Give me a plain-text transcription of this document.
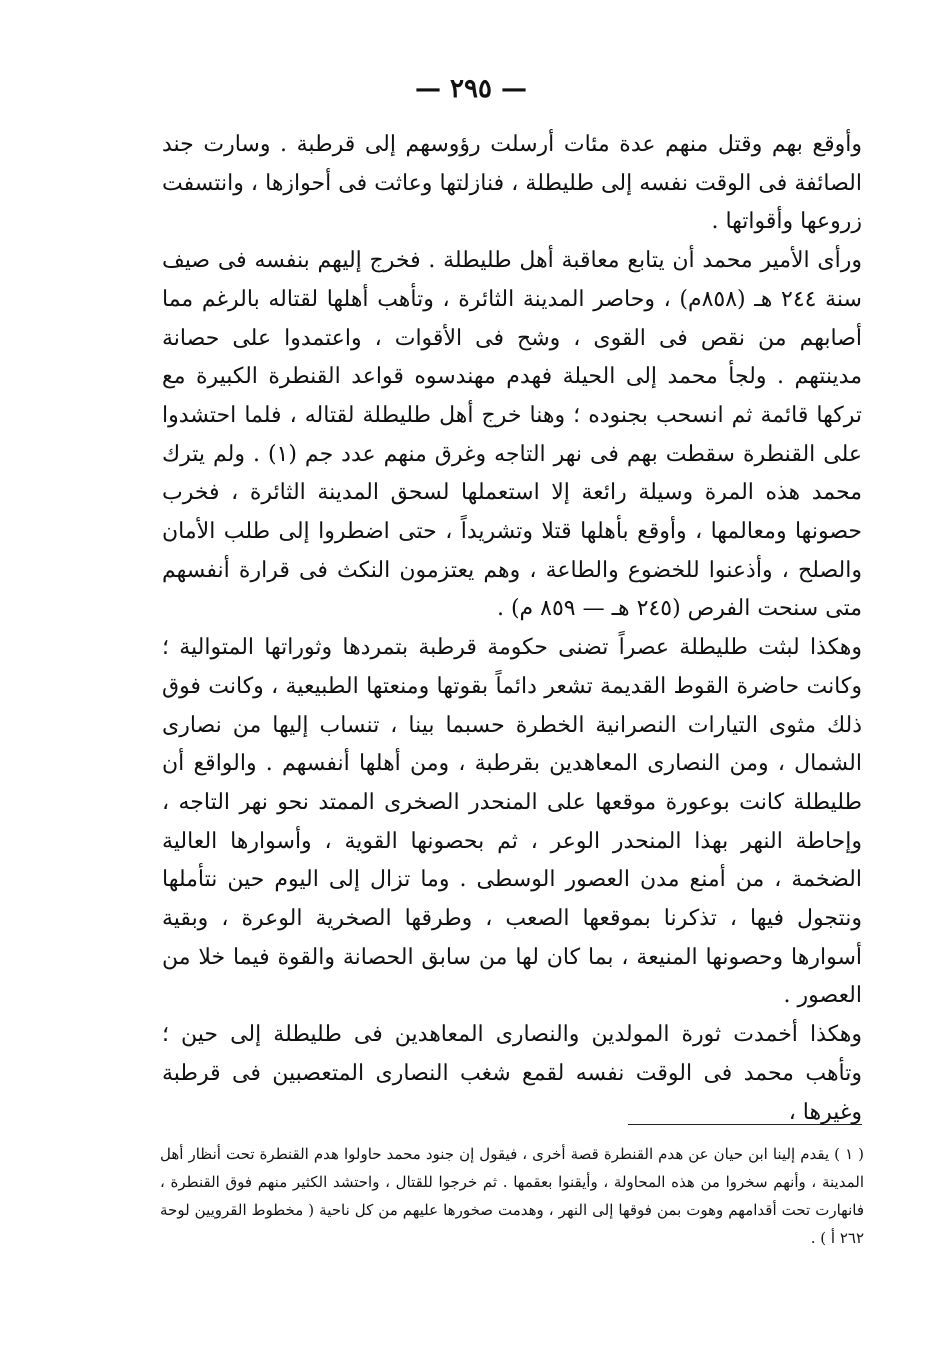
— ٢٩٥ —

وأوقع بهم وقتل منهم عدة مئات أرسلت رؤوسهم إلى قرطبة . وسارت جند الصائفة فى الوقت نفسه إلى طليطلة ، فنازلتها وعاثت فى أحوازها ، وانتسفت زروعها وأقواتها .

ورأى الأمير محمد أن يتابع معاقبة أهل طليطلة . فخرج إليهم بنفسه فى صيف سنة ٢٤٤ هـ (٨٥٨م) ، وحاصر المدينة الثائرة ، وتأهب أهلها لقتاله بالرغم مما أصابهم من نقص فى القوى ، وشح فى الأقوات ، واعتمدوا على حصانة مدينتهم . ولجأ محمد إلى الحيلة فهدم مهندسوه قواعد القنطرة الكبيرة مع تركها قائمة ثم انسحب بجنوده ؛ وهنا خرج أهل طليطلة لقتاله ، فلما احتشدوا على القنطرة سقطت بهم فى نهر التاجه وغرق منهم عدد جم (١) . ولم يترك محمد هذه المرة وسيلة رائعة إلا استعملها لسحق المدينة الثائرة ، فخرب حصونها ومعالمها ، وأوقع بأهلها قتلا وتشريداً ، حتى اضطروا إلى طلب الأمان والصلح ، وأذعنوا للخضوع والطاعة ، وهم يعتزمون النكث فى قرارة أنفسهم متى سنحت الفرص (٢٤٥ هـ — ٨٥٩ م) .

وهكذا لبثت طليطلة عصراً تضنى حكومة قرطبة بتمردها وثوراتها المتوالية ؛ وكانت حاضرة القوط القديمة تشعر دائماً بقوتها ومنعتها الطبيعية ، وكانت فوق ذلك مثوى التيارات النصرانية الخطرة حسبما بينا ، تنساب إليها من نصارى الشمال ، ومن النصارى المعاهدين بقرطبة ، ومن أهلها أنفسهم . والواقع أن طليطلة كانت بوعورة موقعها على المنحدر الصخرى الممتد نحو نهر التاجه ، وإحاطة النهر بهذا المنحدر الوعر ، ثم بحصونها القوية ، وأسوارها العالية الضخمة ، من أمنع مدن العصور الوسطى . وما تزال إلى اليوم حين نتأملها ونتجول فيها ، تذكرنا بموقعها الصعب ، وطرقها الصخرية الوعرة ، وبقية أسوارها وحصونها المنيعة ، بما كان لها من سابق الحصانة والقوة فيما خلا من العصور .

وهكذا أخمدت ثورة المولدين والنصارى المعاهدين فى طليطلة إلى حين ؛ وتأهب محمد فى الوقت نفسه لقمع شغب النصارى المتعصبين فى قرطبة وغيرها ،

( ١ ) يقدم إلينا ابن حيان عن هدم القنطرة قصة أخرى ، فيقول إن جنود محمد حاولوا هدم القنطرة تحت أنظار أهل المدينة ، وأنهم سخروا من هذه المحاولة ، وأيقنوا بعقمها . ثم خرجوا للقتال ، واحتشد الكثير منهم فوق القنطرة ، فانهارت تحت أقدامهم وهوت بمن فوقها إلى النهر ، وهدمت صخورها عليهم من كل ناحية ( مخطوط القرويين لوحة ٢٦٢ أ ) .
